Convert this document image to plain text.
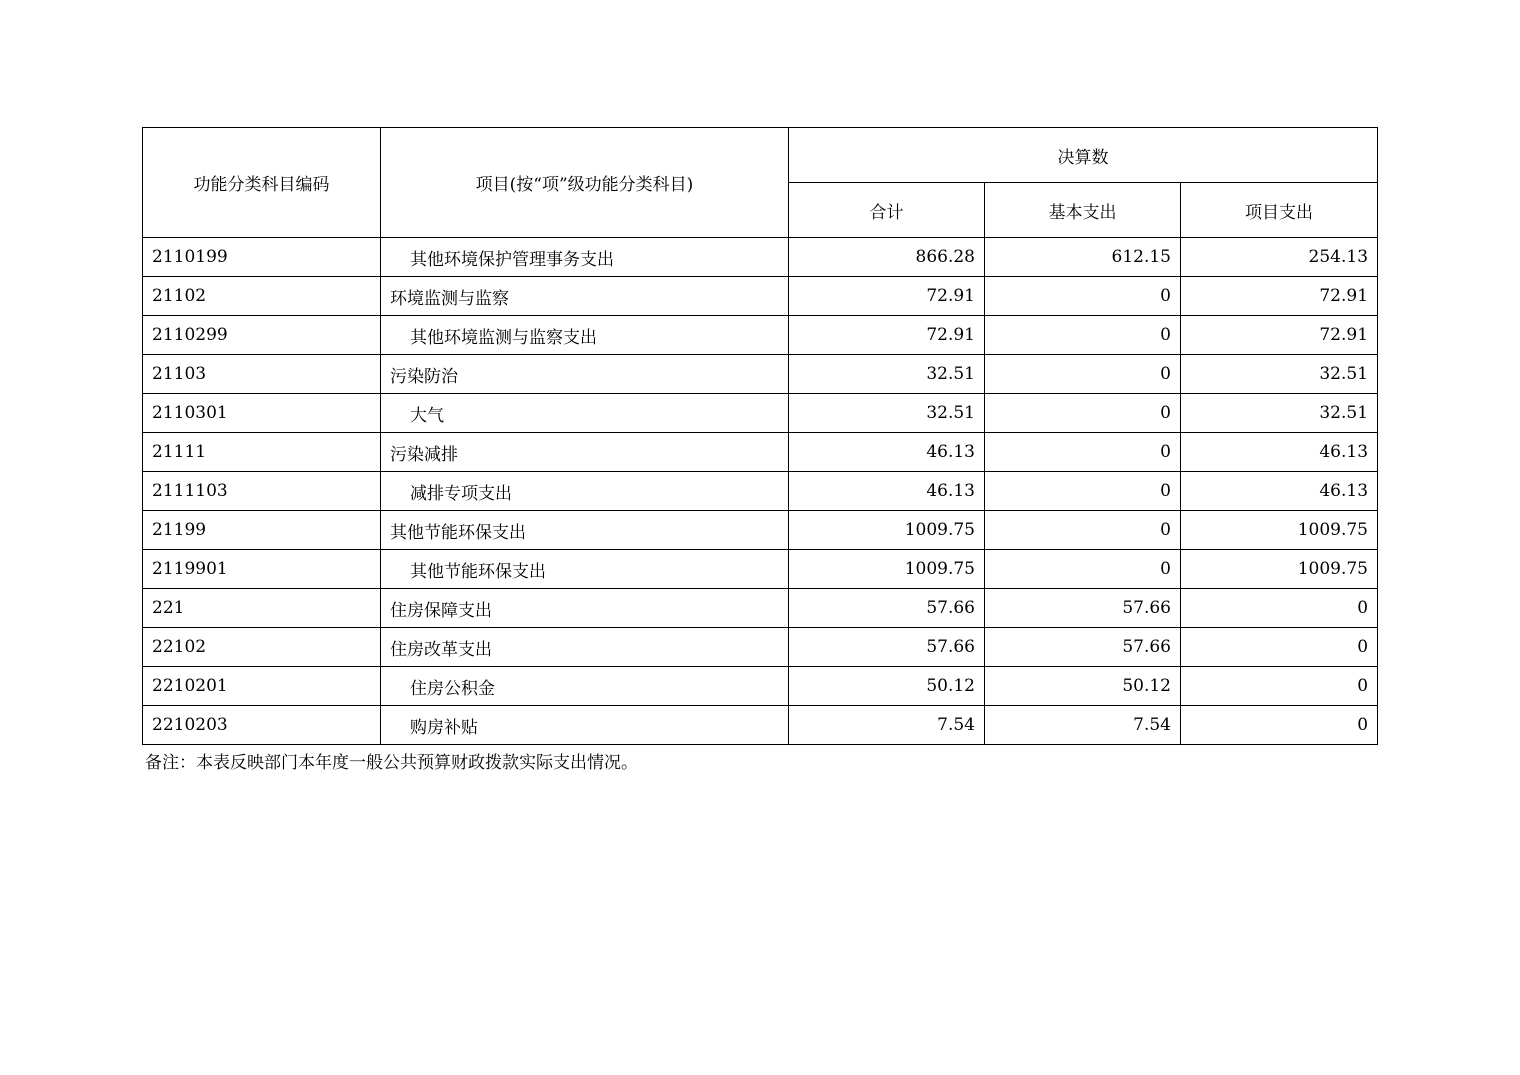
功能分类科目编码	项目(按“项”级功能分类科目)	决算数		
		合计	基本支出	项目支出
2110199	其他环境保护管理事务支出	866.28	612.15	254.13
21102	环境监测与监察	72.91	0	72.91
2110299	其他环境监测与监察支出	72.91	0	72.91
21103	污染防治	32.51	0	32.51
2110301	大气	32.51	0	32.51
21111	污染减排	46.13	0	46.13
2111103	减排专项支出	46.13	0	46.13
21199	其他节能环保支出	1009.75	0	1009.75
2119901	其他节能环保支出	1009.75	0	1009.75
221	住房保障支出	57.66	57.66	0
22102	住房改革支出	57.66	57.66	0
2210201	住房公积金	50.12	50.12	0
2210203	购房补贴	7.54	7.54	0
备注：本表反映部门本年度一般公共预算财政拨款实际支出情况。
